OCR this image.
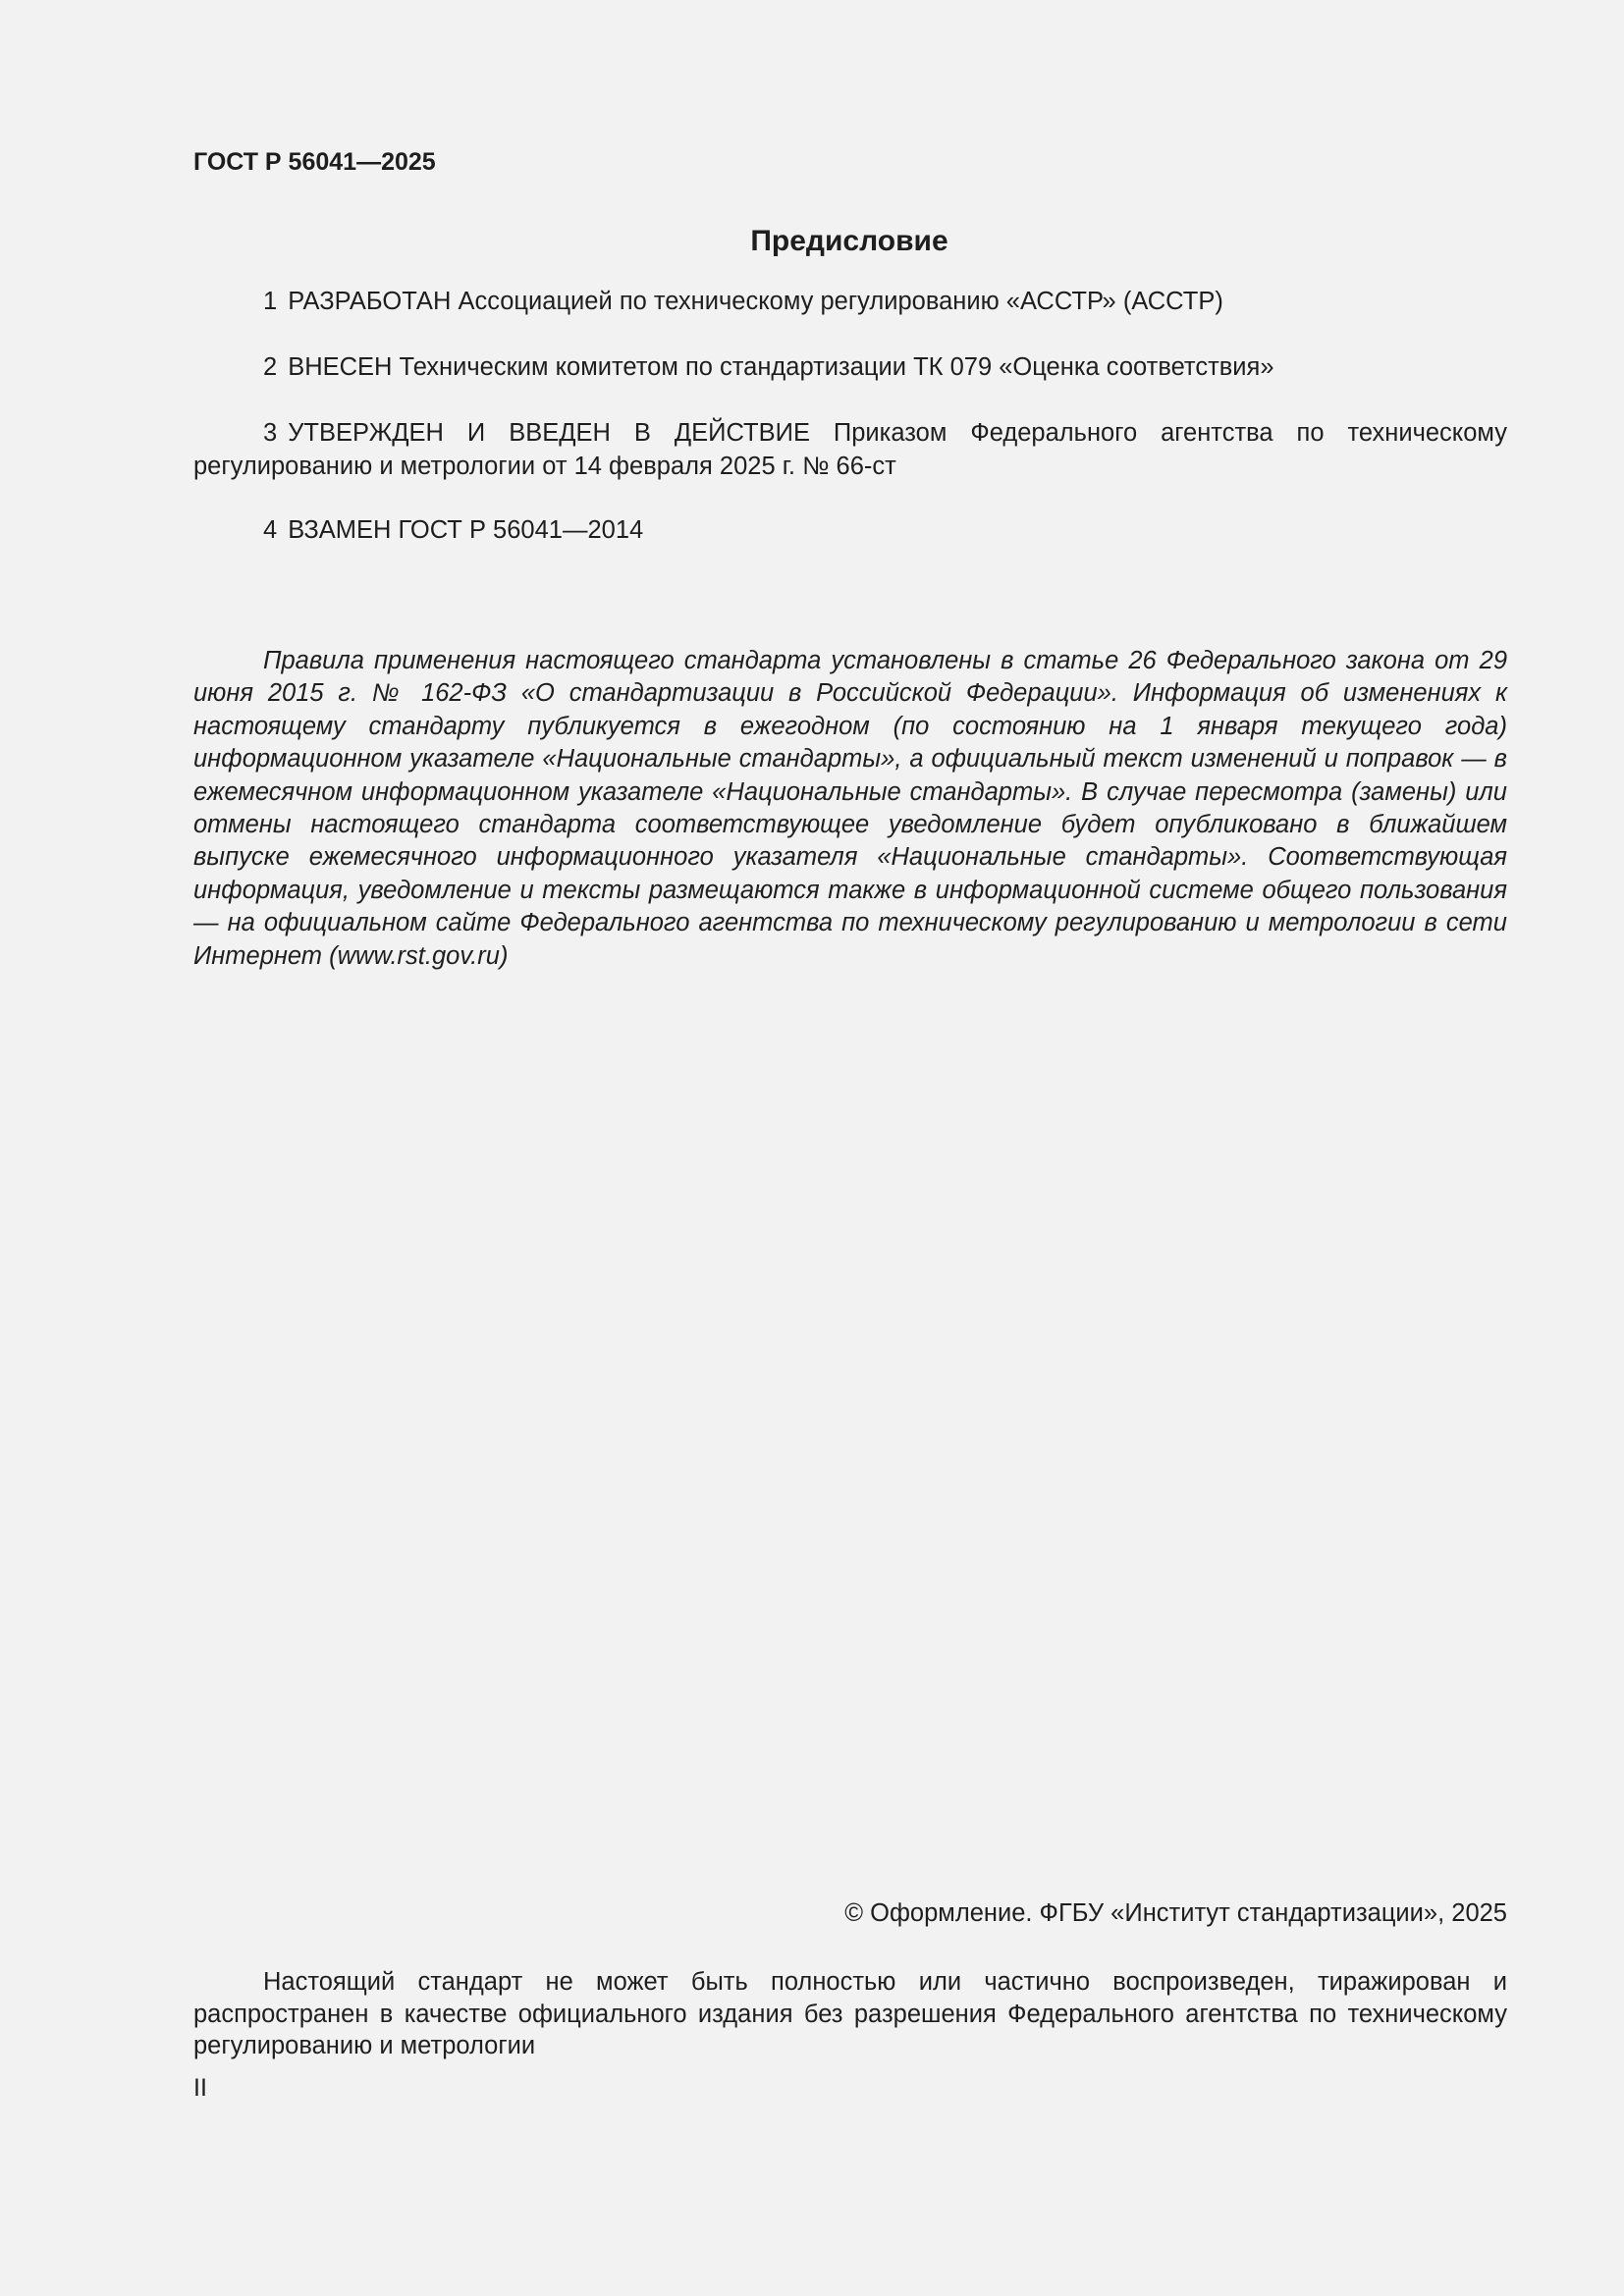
ГОСТ Р 56041—2025
Предисловие
1 РАЗРАБОТАН Ассоциацией по техническому регулированию «АССТР» (АССТР)
2 ВНЕСЕН Техническим комитетом по стандартизации ТК 079 «Оценка соответствия»
3 УТВЕРЖДЕН И ВВЕДЕН В ДЕЙСТВИЕ Приказом Федерального агентства по техническому регулированию и метрологии от 14 февраля 2025 г. № 66-ст
4 ВЗАМЕН ГОСТ Р 56041—2014
Правила применения настоящего стандарта установлены в статье 26 Федерального закона от 29 июня 2015 г. № 162-ФЗ «О стандартизации в Российской Федерации». Информация об изменениях к настоящему стандарту публикуется в ежегодном (по состоянию на 1 января текущего года) информационном указателе «Национальные стандарты», а официальный текст изменений и поправок — в ежемесячном информационном указателе «Национальные стандарты». В случае пересмотра (замены) или отмены настоящего стандарта соответствующее уведомление будет опубликовано в ближайшем выпуске ежемесячного информационного указателя «Национальные стандарты». Соответствующая информация, уведомление и тексты размещаются также в информационной системе общего пользования — на официальном сайте Федерального агентства по техническому регулированию и метрологии в сети Интернет (www.rst.gov.ru)
© Оформление. ФГБУ «Институт стандартизации», 2025
Настоящий стандарт не может быть полностью или частично воспроизведен, тиражирован и распространен в качестве официального издания без разрешения Федерального агентства по техническому регулированию и метрологии
II
